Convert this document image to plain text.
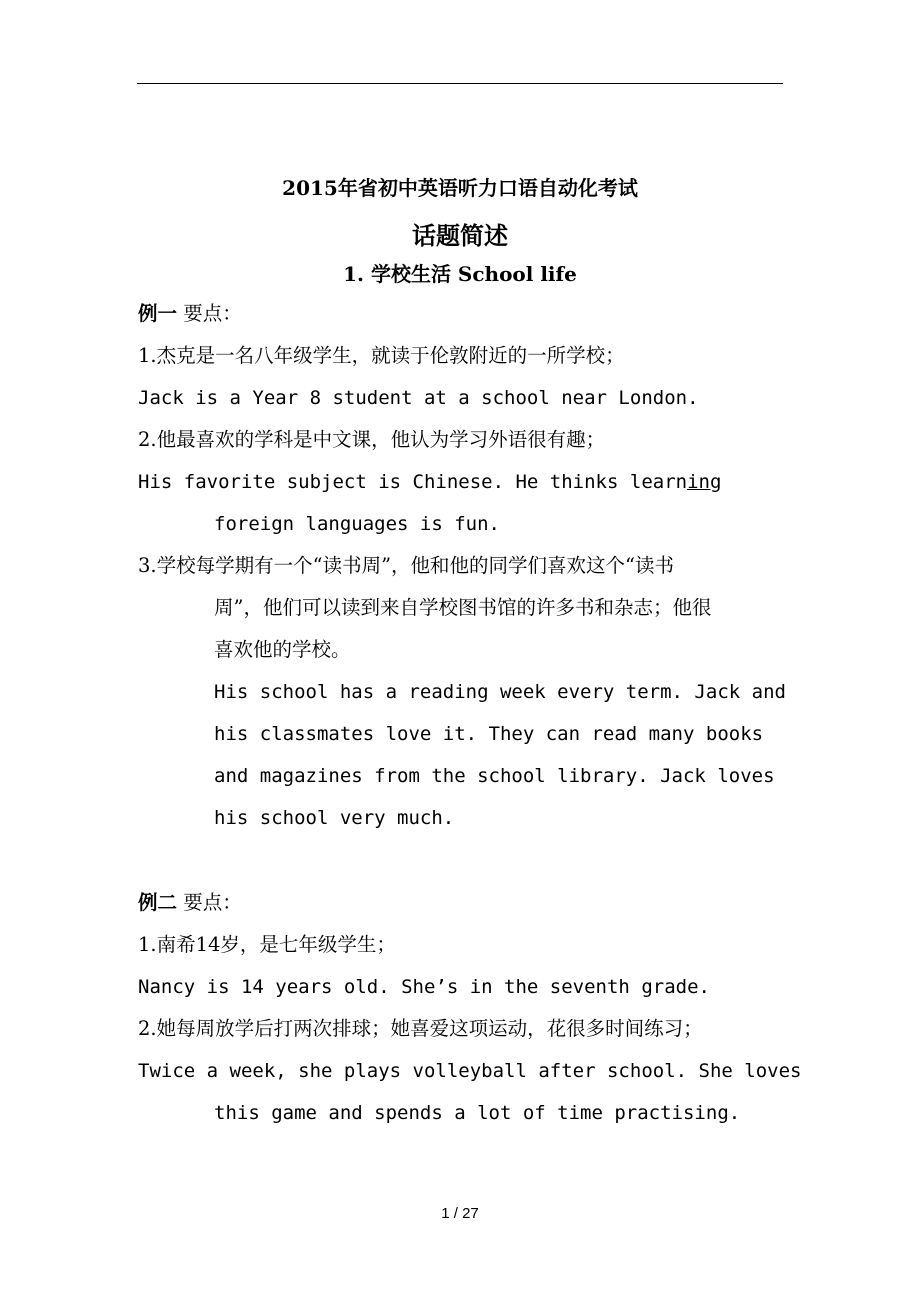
2015年省初中英语听力口语自动化考试
话题简述
1. 学校生活 School life
例一 要点：
1.杰克是一名八年级学生，就读于伦敦附近的一所学校；
Jack is a Year 8 student at a school near London.
2.他最喜欢的学科是中文课，他认为学习外语很有趣；
His favorite subject is Chinese. He thinks learning
foreign languages is fun.
3.学校每学期有一个“读书周”，他和他的同学们喜欢这个“读书
周”，他们可以读到来自学校图书馆的许多书和杂志；他很
喜欢他的学校。
His school has a reading week every term. Jack and
his classmates love it. They can read many books
and magazines from the school library. Jack loves
his school very much.
例二 要点：
1.南希14岁，是七年级学生；
Nancy is 14 years old. She’s in the seventh grade.
2.她每周放学后打两次排球；她喜爱这项运动，花很多时间练习；
Twice a week, she plays volleyball after school. She loves
this game and spends a lot of time practising.
1 / 27
